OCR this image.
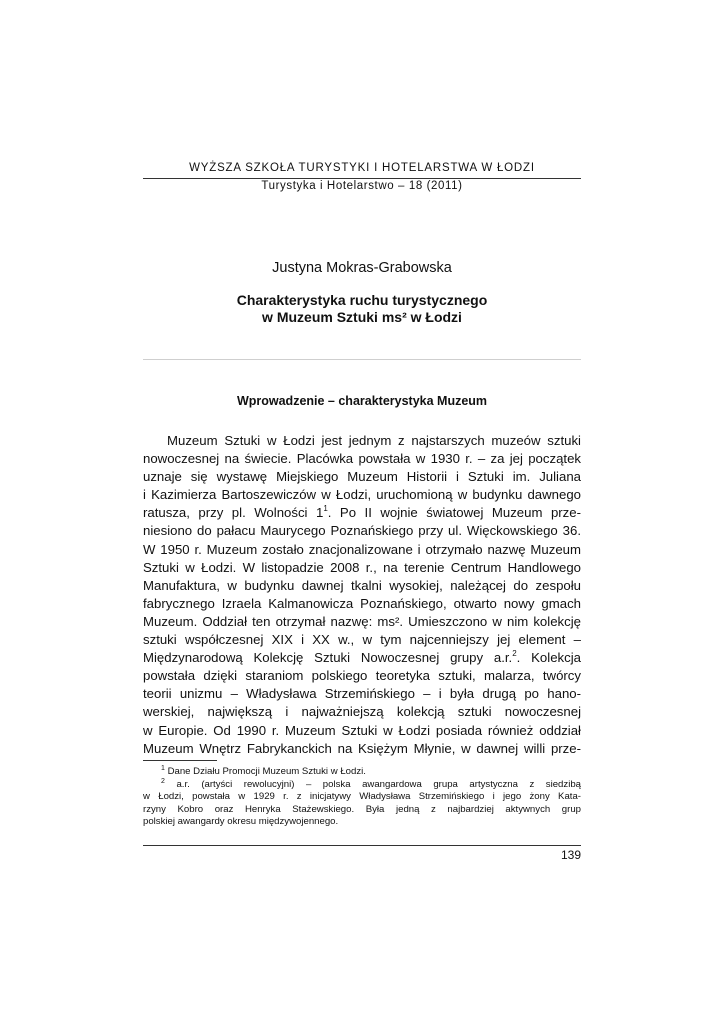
WYŻSZA SZKOŁA TURYSTYKI I HOTELARSTWA W ŁODZI
Turystyka i Hotelarstwo – 18 (2011)
Justyna Mokras-Grabowska
Charakterystyka ruchu turystycznego
w Muzeum Sztuki ms² w Łodzi
Wprowadzenie – charakterystyka Muzeum
Muzeum Sztuki w Łodzi jest jednym z najstarszych muzeów sztuki
nowoczesnej na świecie. Placówka powstała w 1930 r. – za jej początek
uznaje się wystawę Miejskiego Muzeum Historii i Sztuki im. Juliana
i Kazimierza Bartoszewiczów w Łodzi, uruchomioną w budynku dawnego
ratusza, przy pl. Wolności $1^1$. Po II wojnie światowej Muzeum prze-
niesiono do pałacu Maurycego Poznańskiego przy ul. Więckowskiego 36.
W 1950 r. Muzeum zostało znacjonalizowane i otrzymało nazwę Muzeum
Sztuki w Łodzi. W listopadzie 2008 r., na terenie Centrum Handlowego
Manufaktura, w budynku dawnej tkalni wysokiej, należącej do zespołu
fabrycznego Izraela Kalmanowicza Poznańskiego, otwarto nowy gmach
Muzeum. Oddział ten otrzymał nazwę: ms². Umieszczono w nim kolekcję
sztuki współczesnej XIX i XX w., w tym najcenniejszy jej element –
Międzynarodową Kolekcję Sztuki Nowoczesnej grupy a.r.$^2$. Kolekcja
powstała dzięki staraniom polskiego teoretyka sztuki, malarza, twórcy
teorii unizmu – Władysława Strzemińskiego – i była drugą po hano-
werskiej, największą i najważniejszą kolekcją sztuki nowoczesnej
w Europie. Od 1990 r. Muzeum Sztuki w Łodzi posiada również oddział
Muzeum Wnętrz Fabrykanckich na Księżym Młynie, w dawnej willi prze-
$^1$ Dane Działu Promocji Muzeum Sztuki w Łodzi.
$^2$ a.r. (artyści rewolucyjni) – polska awangardowa grupa artystyczna z siedzibą
w Łodzi, powstała w 1929 r. z inicjatywy Władysława Strzemińskiego i jego żony Kata-
rzyny Kobro oraz Henryka Stażewskiego. Była jedną z najbardziej aktywnych grup
polskiej awangardy okresu międzywojennego.
139
